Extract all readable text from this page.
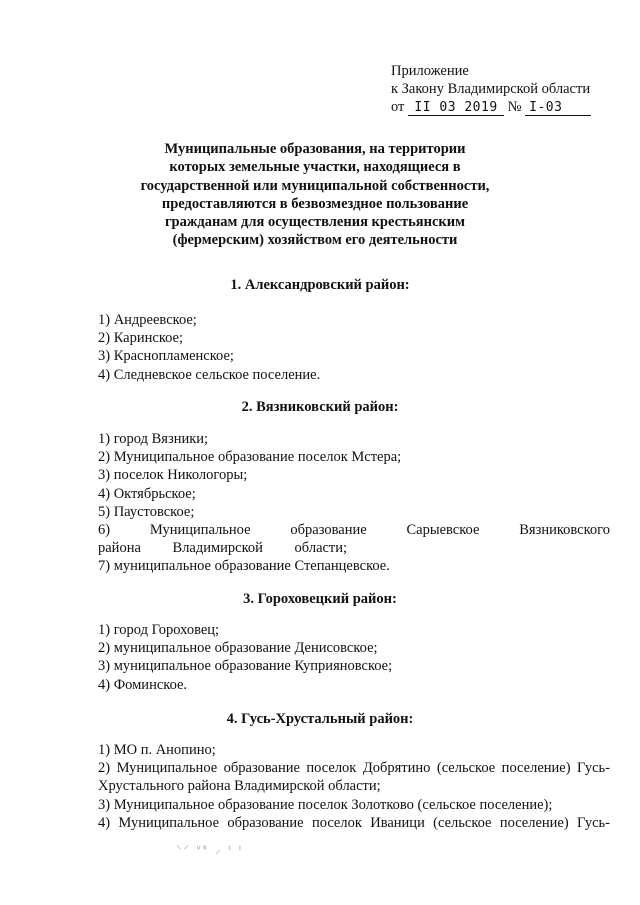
Приложение
к Закону Владимирской области
от II 03 2019 № I-03
Муниципальные образования, на территории
которых земельные участки, находящиеся в
государственной или муниципальной собственности,
предоставляются в безвозмездное пользование
гражданам для осуществления крестьянским
(фермерским) хозяйством его деятельности
1. Александровский район:
1) Андреевское;
2) Каринское;
3) Краснопламенское;
4) Следневское сельское поселение.
2. Вязниковский район:
1) город Вязники;
2) Муниципальное образование поселок Мстера;
3) поселок Никологоры;
4) Октябрьское;
5) Паустовское;
6) Муниципальное образование Сарыевское Вязниковского района Владимирской области;
7) муниципальное образование Степанцевское.
3. Гороховецкий район:
1) город Гороховец;
2) муниципальное образование Денисовское;
3) муниципальное образование Куприяновское;
4) Фоминское.
4. Гусь-Хрустальный район:
1) МО п. Анопино;
2) Муниципальное образование поселок Добрятино (сельское поселение) Гусь-Хрустального района Владимирской области;
3) Муниципальное образование поселок Золотково (сельское поселение);
4) Муниципальное образование поселок Иваници (сельское поселение) Гусь-
⸌⸍ ᵛᵏ ⸝ ᶦ ᶦ
